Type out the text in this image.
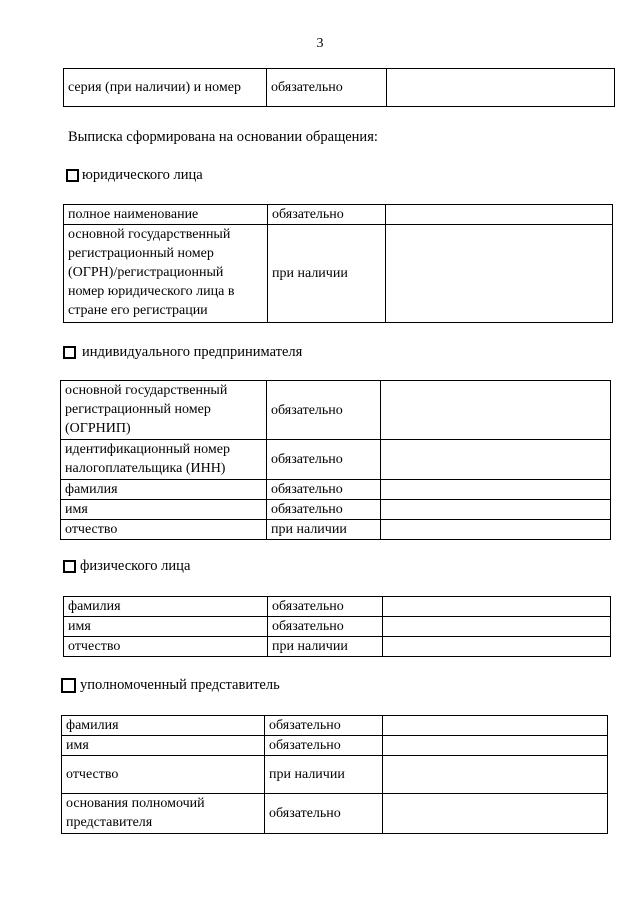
3
серия (при наличии) и номер	обязательно	
Выписка сформирована на основании обращения:
юридического лица
полное наименование	обязательно	
основной государственный регистрационный номер (ОГРН)/регистрационный номер юридического лица в стране его регистрации	при наличии	
индивидуального предпринимателя
основной государственный регистрационный номер (ОГРНИП)	обязательно	
идентификационный номер налогоплательщика (ИНН)	обязательно	
фамилия	обязательно	
имя	обязательно	
отчество	при наличии	
физического лица
фамилия	обязательно	
имя	обязательно	
отчество	при наличии	
уполномоченный представитель
фамилия	обязательно	
имя	обязательно	
отчество	при наличии	
основания полномочий представителя	обязательно	
